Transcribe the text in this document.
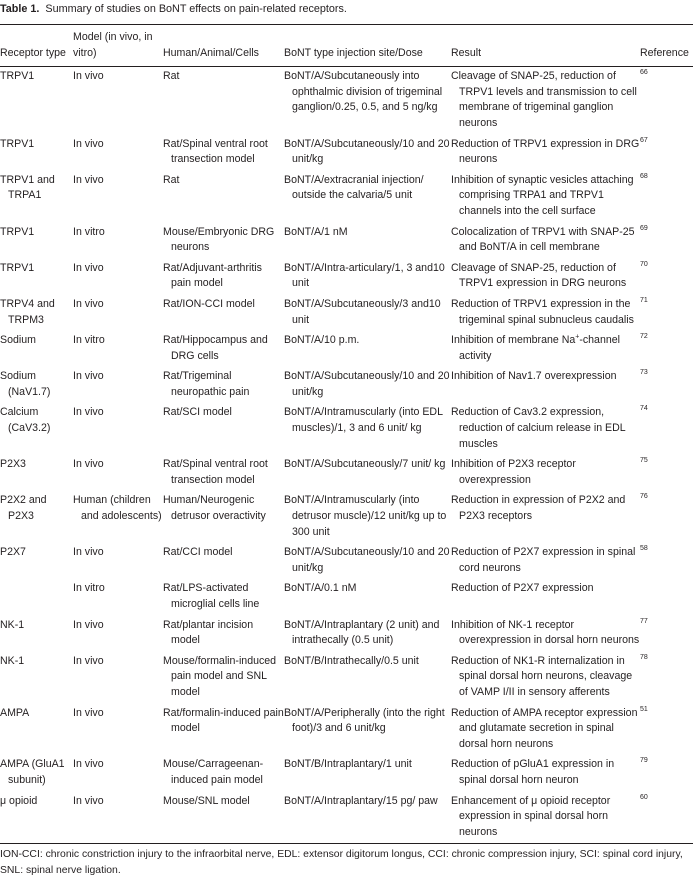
Table 1. Summary of studies on BoNT effects on pain-related receptors.
Receptor type	Model (in vivo, in vitro)	Human/Animal/Cells	BoNT type injection site/Dose	Result	Reference

TRPV1	In vivo	Rat	BoNT/A/Subcutaneously into ophthalmic division of trigeminal ganglion/0.25, 0.5, and 5 ng/kg	Cleavage of SNAP-25, reduction of TRPV1 levels and transmission to cell membrane of trigeminal ganglion neurons	66

TRPV1	In vivo	Rat/Spinal ventral root transection model	BoNT/A/Subcutaneously/10 and 20 unit/kg	Reduction of TRPV1 expression in DRG neurons	67

TRPV1 and TRPA1	In vivo	Rat	BoNT/A/extracranial injection/ outside the calvaria/5 unit	Inhibition of synaptic vesicles attaching comprising TRPA1 and TRPV1 channels into the cell surface	68

TRPV1	In vitro	Mouse/Embryonic DRG neurons	BoNT/A/1 nM	Colocalization of TRPV1 with SNAP-25 and BoNT/A in cell membrane	69

TRPV1	In vivo	Rat/Adjuvant-arthritis pain model	BoNT/A/Intra-articulary/1, 3 and10 unit	Cleavage of SNAP-25, reduction of TRPV1 expression in DRG neurons	70

TRPV4 and TRPM3	In vivo	Rat/ION-CCI model	BoNT/A/Subcutaneously/3 and10 unit	Reduction of TRPV1 expression in the trigeminal spinal subnucleus caudalis	71

Sodium	In vitro	Rat/Hippocampus and DRG cells	BoNT/A/10 p.m.	Inhibition of membrane Na+-channel activity	72

Sodium (NaV1.7)	In vivo	Rat/Trigeminal neuropathic pain	BoNT/A/Subcutaneously/10 and 20 unit/kg	Inhibition of Nav1.7 overexpression	73

Calcium (CaV3.2)	In vivo	Rat/SCI model	BoNT/A/Intramuscularly (into EDL muscles)/1, 3 and 6 unit/ kg	Reduction of Cav3.2 expression, reduction of calcium release in EDL muscles	74

P2X3	In vivo	Rat/Spinal ventral root transection model	BoNT/A/Subcutaneously/7 unit/ kg	Inhibition of P2X3 receptor overexpression	75

P2X2 and P2X3	Human (children and adolescents)	Human/Neurogenic detrusor overactivity	BoNT/A/Intramuscularly (into detrusor muscle)/12 unit/kg up to 300 unit	Reduction in expression of P2X2 and P2X3 receptors	76

P2X7	In vivo	Rat/CCI model	BoNT/A/Subcutaneously/10 and 20 unit/kg	Reduction of P2X7 expression in spinal cord neurons	58

	In vitro	Rat/LPS-activated microglial cells line	BoNT/A/0.1 nM	Reduction of P2X7 expression	

NK-1	In vivo	Rat/plantar incision model	BoNT/A/Intraplantary (2 unit) and intrathecally (0.5 unit)	Inhibition of NK-1 receptor overexpression in dorsal horn neurons	77

NK-1	In vivo	Mouse/formalin-induced pain model and SNL model	BoNT/B/Intrathecally/0.5 unit	Reduction of NK1-R internalization in spinal dorsal horn neurons, cleavage of VAMP I/II in sensory afferents	78

AMPA	In vivo	Rat/formalin-induced pain model	BoNT/A/Peripherally (into the right foot)/3 and 6 unit/kg	Reduction of AMPA receptor expression and glutamate secretion in spinal dorsal horn neurons	51

AMPA (GluA1 subunit)	In vivo	Mouse/Carrageenan-induced pain model	BoNT/B/Intraplantary/1 unit	Reduction of pGluA1 expression in spinal dorsal horn neuron	79

μ opioid	In vivo	Mouse/SNL model	BoNT/A/Intraplantary/15 pg/ paw	Enhancement of μ opioid receptor expression in spinal dorsal horn neurons	60
ION-CCI: chronic constriction injury to the infraorbital nerve, EDL: extensor digitorum longus, CCI: chronic compression injury, SCI: spinal cord injury, SNL: spinal nerve ligation.
